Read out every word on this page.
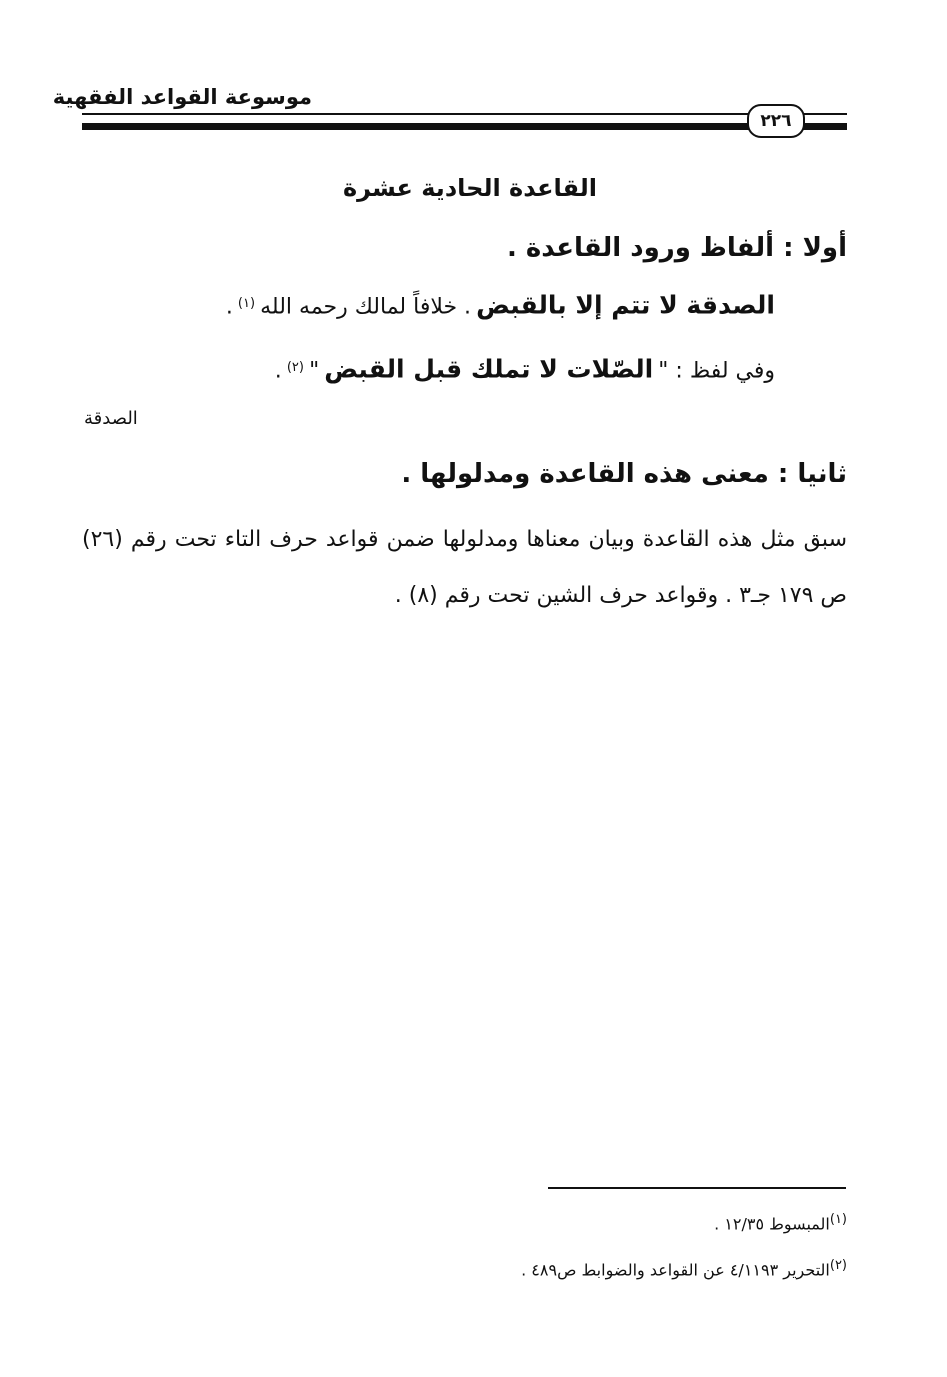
موسوعة القواعد الفقهية
٢٢٦
القاعدة الحادية عشرة
أولا : ألفاظ ورود القاعدة .
الصدقة لا تتم إلا بالقبض . خلافاً لمالك رحمه الله $^{(١)}$ .
وفي لفظ : " الصّلات لا تملك قبل القبض " $^{(٢)}$ .
الصدقة
ثانيا : معنى هذه القاعدة ومدلولها .
سبق مثل هذه القاعدة وبيان معناها ومدلولها ضمن قواعد حرف التاء تحت رقم (٢٦) ص ١٧٩ جـ٣ . وقواعد حرف الشين تحت رقم (٨) .
$^{(١)}$المبسوط ١٢/٣٥ .
$^{(٢)}$التحرير ٤/١١٩٣ عن القواعد والضوابط ص٤٨٩ .
